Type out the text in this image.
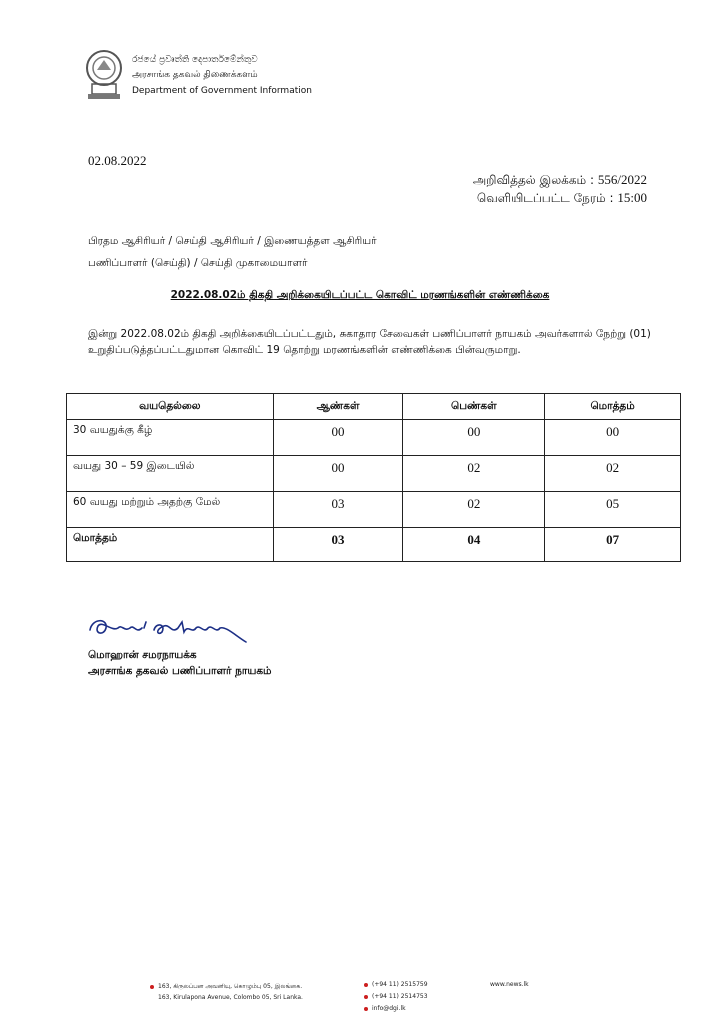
රජයේ ප්‍රවෘත්ති දෙපාර්තමේන්තුව
அரசாங்க தகவல் திணைக்களம்
Department of Government Information
02.08.2022
அறிவித்தல் இலக்கம் : 556/2022
வெளியிடப்பட்ட நேரம் : 15:00
பிரதம ஆசிரியர் / செய்தி ஆசிரியர் / இணையத்தள ஆசிரியர்
பணிப்பாளர் (செய்தி) / செய்தி முகாமையாளர்
2022.08.02ம் திகதி அறிக்கையிடப்பட்ட கொவிட் மரணங்களின் எண்ணிக்கை
இன்று 2022.08.02ம் திகதி அறிக்கையிடப்பட்டதும், சுகாதார சேவைகள் பணிப்பாளர் நாயகம் அவர்களால் நேற்று (01) உறுதிப்படுத்தப்பட்டதுமான கொவிட் 19 தொற்று மரணங்களின் எண்ணிக்கை பின்வருமாறு.
வயதெல்லை	ஆண்கள்	பெண்கள்	மொத்தம்
30 வயதுக்கு கீழ்	00	00	00
வயது 30 – 59 இடையில்	00	02	02
60 வயது மற்றும் அதற்கு மேல்	03	02	05
மொத்தம்	03	04	07
மொஹான் சமரநாயக்க
அரசாங்க தகவல் பணிப்பாளர் நாயகம்
163, கிருலப்பன அவனியு, கொழும்பு 05, இலங்கை.
163, Kirulapona Avenue, Colombo 05, Sri Lanka.
(+94 11) 2515759
(+94 11) 2514753
info@dgi.lk
www.news.lk
